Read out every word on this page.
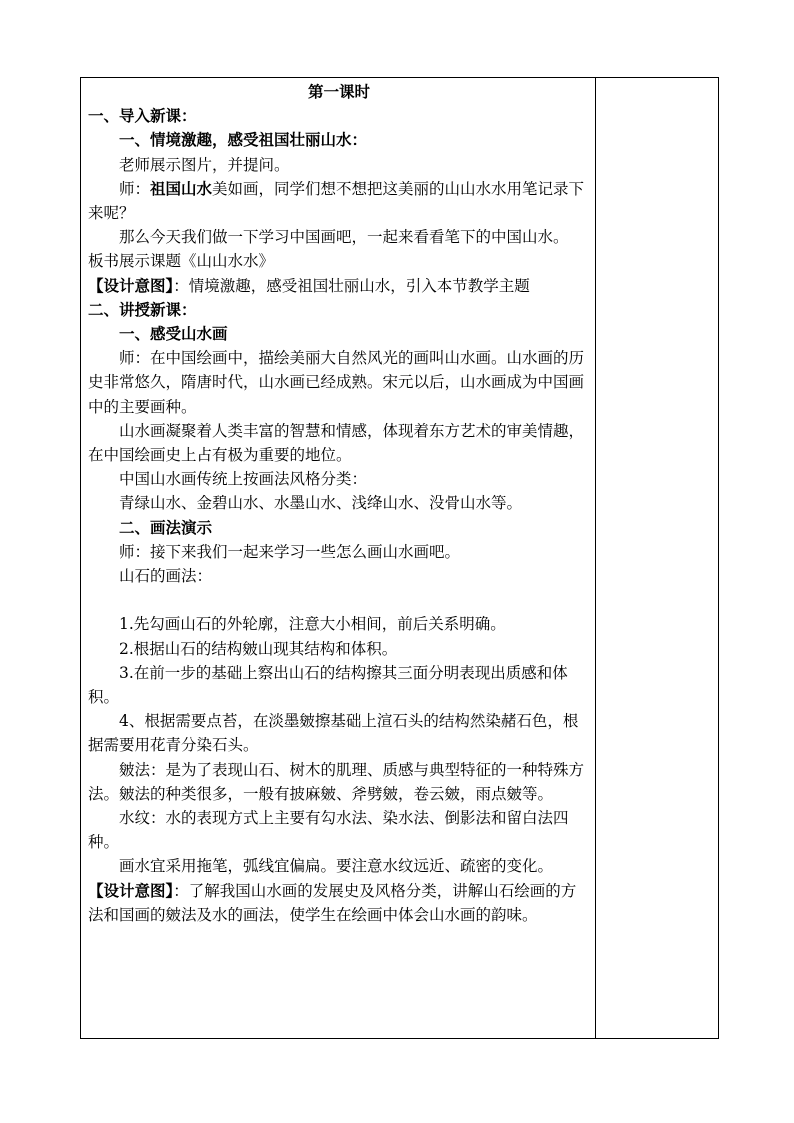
第一课时

一、导入新课：

一、情境激趣，感受祖国壮丽山水：

老师展示图片，并提问。

师：祖国山水美如画，同学们想不想把这美丽的山山水水用笔记录下来呢？

那么今天我们做一下学习中国画吧，一起来看看笔下的中国山水。

板书展示课题《山山水水》

【设计意图】：情境激趣，感受祖国壮丽山水，引入本节教学主题

二、讲授新课：

一、感受山水画

师：在中国绘画中，描绘美丽大自然风光的画叫山水画。山水画的历史非常悠久，隋唐时代，山水画已经成熟。宋元以后，山水画成为中国画中的主要画种。

山水画凝聚着人类丰富的智慧和情感，体现着东方艺术的审美情趣，在中国绘画史上占有极为重要的地位。

中国山水画传统上按画法风格分类：

青绿山水、金碧山水、水墨山水、浅绛山水、没骨山水等。

二、画法演示

师：接下来我们一起来学习一些怎么画山水画吧。

山石的画法：

1.先勾画山石的外轮廓，注意大小相间，前后关系明确。

2.根据山石的结构皴山现其结构和体积。

3.在前一步的基础上察出山石的结构擦其三面分明表现出质感和体积。

4、根据需要点苔，在淡墨皴擦基础上渲石头的结构然染赭石色，根据需要用花青分染石头。

皴法：是为了表现山石、树木的肌理、质感与典型特征的一种特殊方法。皴法的种类很多，一般有披麻皴、斧劈皴，卷云皴，雨点皴等。

水纹：水的表现方式上主要有勾水法、染水法、倒影法和留白法四种。

画水宜采用拖笔，弧线宜偏扁。要注意水纹远近、疏密的变化。

【设计意图】：了解我国山水画的发展史及风格分类，讲解山石绘画的方法和国画的皴法及水的画法，使学生在绘画中体会山水画的韵味。
